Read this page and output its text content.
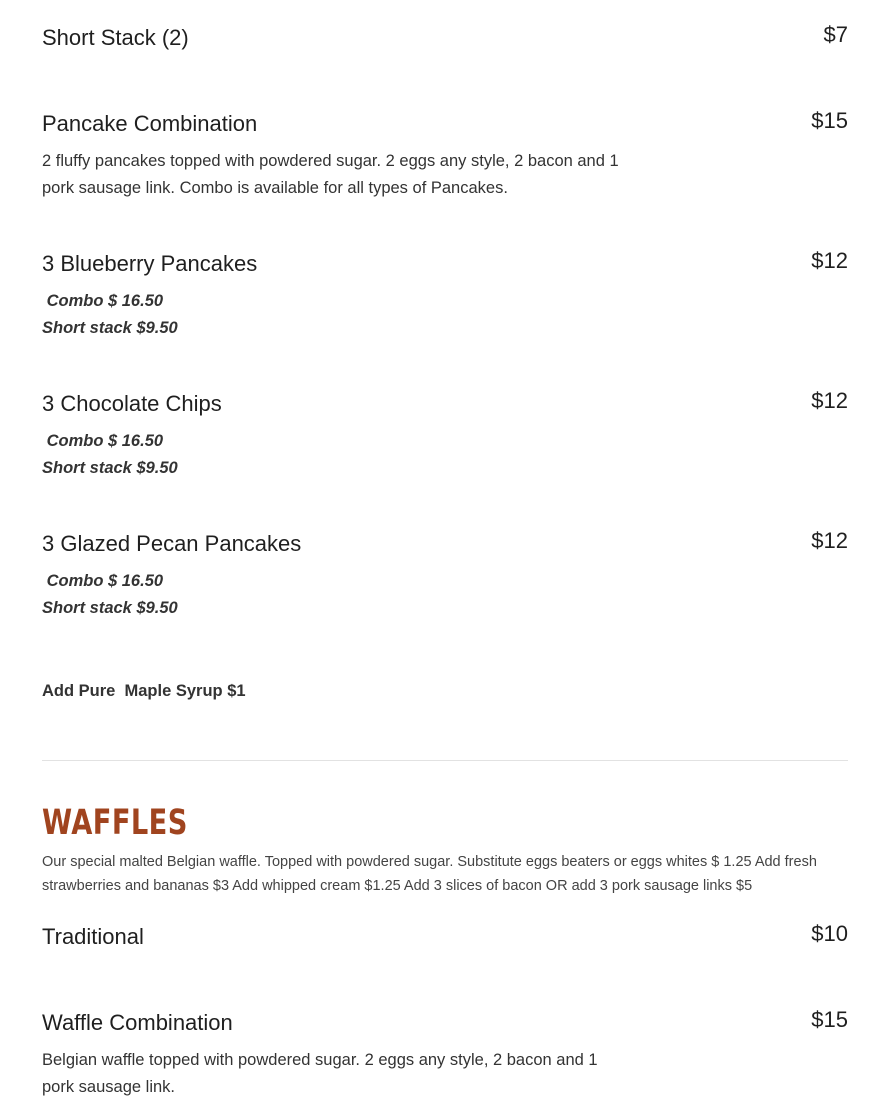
$7
Short Stack (2)
$15
Pancake Combination
2 fluffy pancakes topped with powdered sugar. 2 eggs any style, 2 bacon and 1 pork sausage link. Combo is available for all types of Pancakes.
$12
3 Blueberry Pancakes
Combo $ 16.50
Short stack $9.50
$12
3 Chocolate Chips
Combo $ 16.50
Short stack $9.50
$12
3 Glazed Pecan Pancakes
Combo $ 16.50
Short stack $9.50
Add Pure  Maple Syrup $1
WAFFLES
Our special malted Belgian waffle. Topped with powdered sugar. Substitute eggs beaters or eggs whites $ 1.25 Add fresh strawberries and bananas $3 Add whipped cream $1.25 Add 3 slices of bacon OR add 3 pork sausage links $5
$10
Traditional
$15
Waffle Combination
Belgian waffle topped with powdered sugar. 2 eggs any style, 2 bacon and 1 pork sausage link.
